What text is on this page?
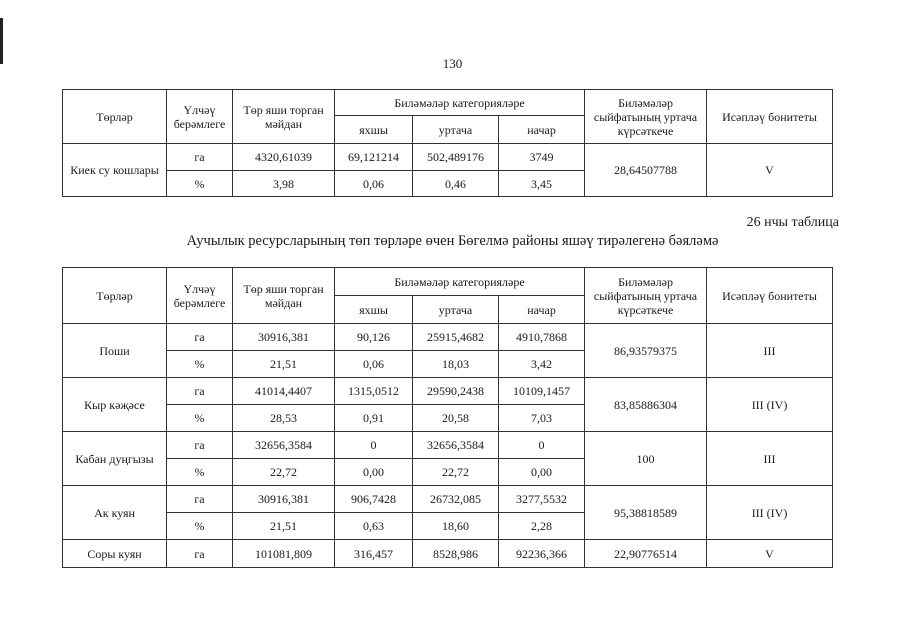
130
Төрләр	Үлчәү берәмлеге	Төр яши торган мәйдан	Биләмәләр категорияләре			Биләмәләр сыйфатының уртача күрсәткече	Исәпләү бонитеты
			яхшы	уртача	начар		
Киек су кошлары	га	4320,61039	69,121214	502,489176	3749	28,64507788	V
	%	3,98	0,06	0,46	3,45		
26 нчы таблица
Аучылык ресурсларының төп төрләре өчен Бөгелмә районы яшәү тирәлегенә бәяләмә
Төрләр	Үлчәү берәмлеге	Төр яши торган мәйдан	Биләмәләр категорияләре			Биләмәләр сыйфатының уртача күрсәткече	Исәпләү бонитеты
			яхшы	уртача	начар		
Поши	га	30916,381	90,126	25915,4682	4910,7868	86,93579375	III
	%	21,51	0,06	18,03	3,42		
Кыр кәҗәсе	га	41014,4407	1315,0512	29590,2438	10109,1457	83,85886304	III (IV)
	%	28,53	0,91	20,58	7,03		
Кабан дуңгызы	га	32656,3584	0	32656,3584	0	100	III
	%	22,72	0,00	22,72	0,00		
Ак куян	га	30916,381	906,7428	26732,085	3277,5532	95,38818589	III (IV)
	%	21,51	0,63	18,60	2,28		
Соры куян	га	101081,809	316,457	8528,986	92236,366	22,90776514	V
